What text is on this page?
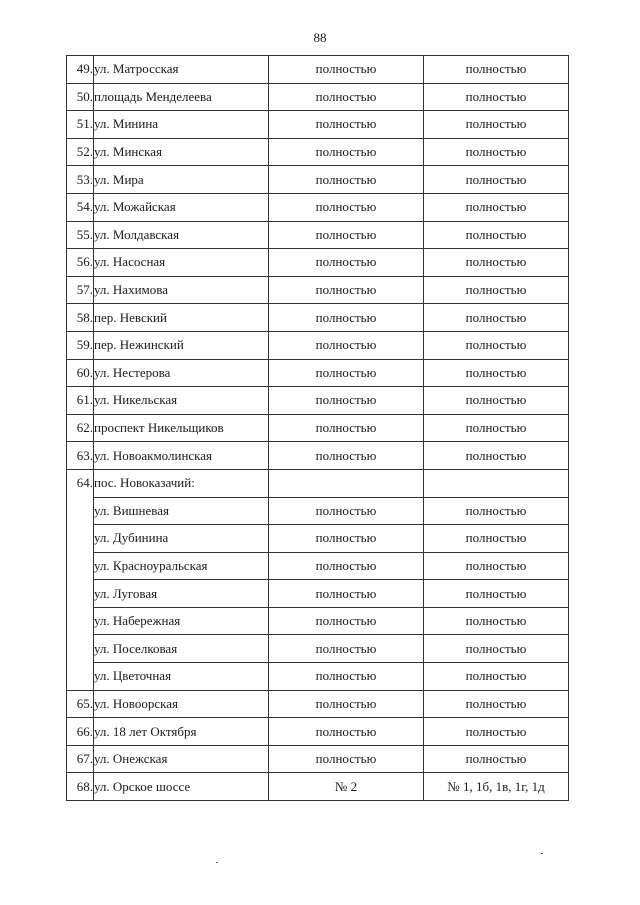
88
49.	ул. Матросская	полностью	полностью
50.	площадь Менделеева	полностью	полностью
51.	ул. Минина	полностью	полностью
52.	ул. Минская	полностью	полностью
53.	ул. Мира	полностью	полностью
54.	ул. Можайская	полностью	полностью
55.	ул. Молдавская	полностью	полностью
56.	ул. Насосная	полностью	полностью
57.	ул. Нахимова	полностью	полностью
58.	пер. Невский	полностью	полностью
59.	пер. Нежинский	полностью	полностью
60.	ул. Нестерова	полностью	полностью
61.	ул. Никельская	полностью	полностью
62.	проспект Никельщиков	полностью	полностью
63.	ул. Новоакмолинская	полностью	полностью
64.	пос. Новоказачий:		
	ул. Вишневая	полностью	полностью
	ул. Дубинина	полностью	полностью
	ул. Красноуральская	полностью	полностью
	ул. Луговая	полностью	полностью
	ул. Набережная	полностью	полностью
	ул. Поселковая	полностью	полностью
	ул. Цветочная	полностью	полностью
65.	ул. Новоорская	полностью	полностью
66.	ул. 18 лет Октября	полностью	полностью
67.	ул. Онежская	полностью	полностью
68.	ул. Орское шоссе	№ 2	№ 1, 1б, 1в, 1г, 1д
